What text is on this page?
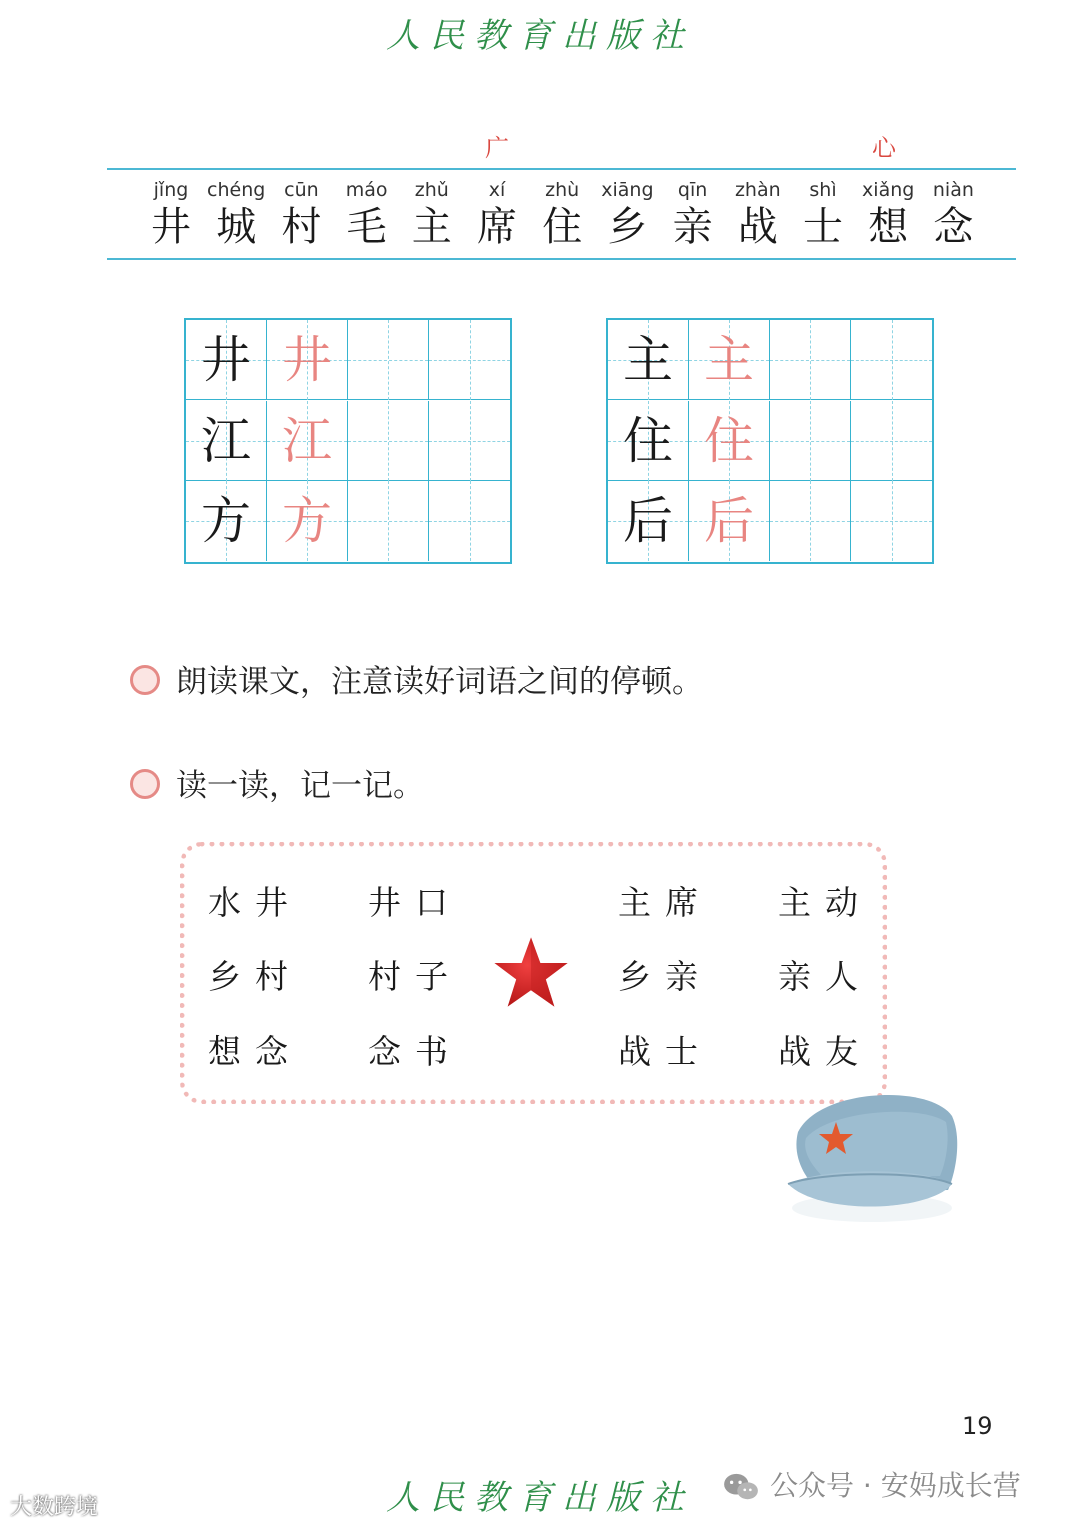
人民教育出版社
广	心
jǐng
井
chéng
城
cūn
村
máo
毛
zhǔ
主
xí
席
zhù
住
xiāng
乡
qīn
亲
zhàn
战
shì
士
xiǎng
想
niàn
念
井 井
江 江
方 方
主 主
住 住
后 后
朗读课文，注意读好词语之间的停顿。
读一读，记一记。
水井 井口
乡村 村子
想念 念书
主席 主动
乡亲 亲人
战士 战友
19
人民教育出版社
大数跨境
公众号 · 安妈成长营
